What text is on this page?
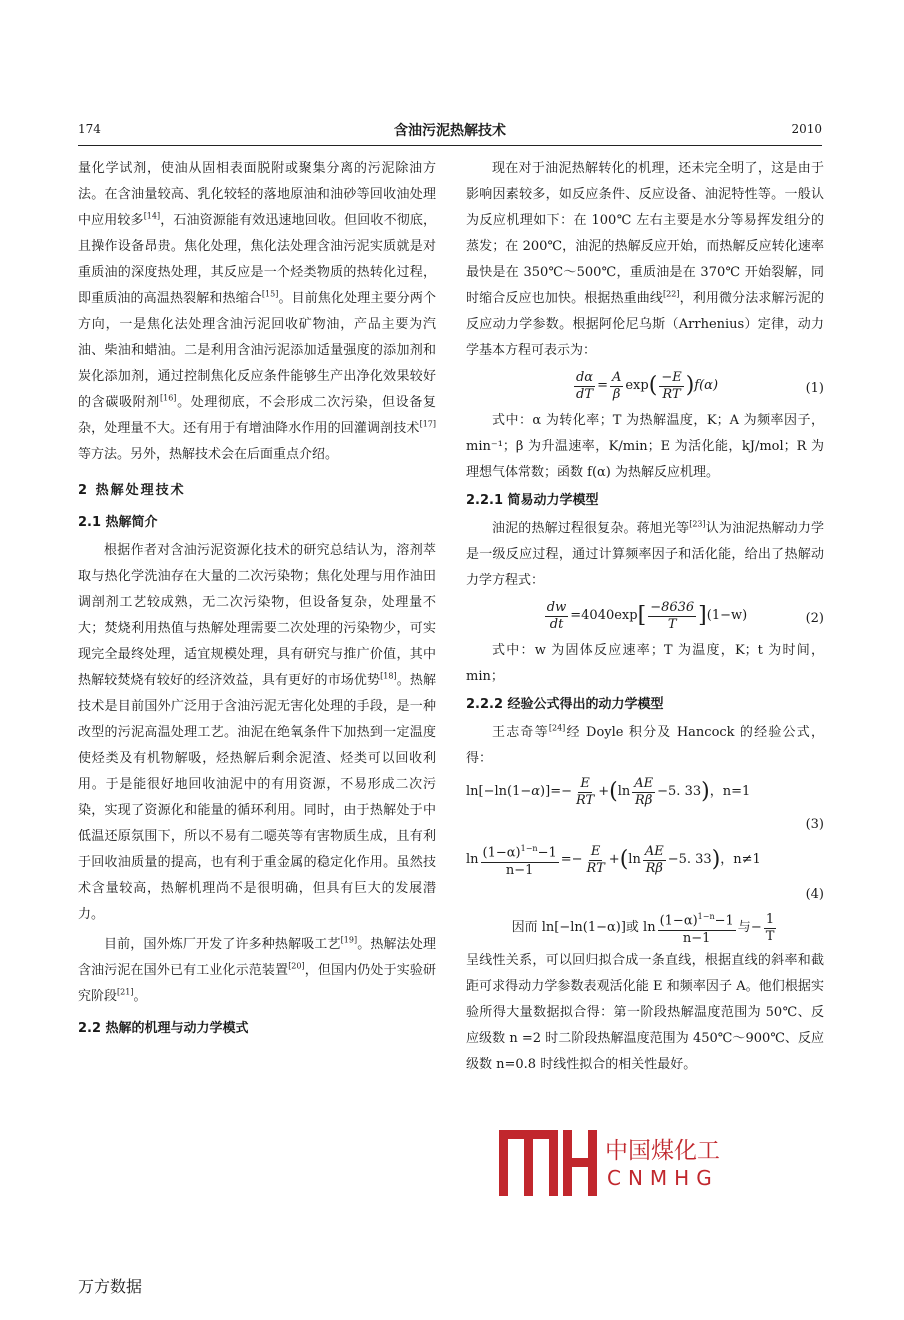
174	含油污泥热解技术	2010

量化学试剂，使油从固相表面脱附或聚集分离的污泥除油方法。在含油量较高、乳化较轻的落地原油和油砂等回收油处理中应用较多[14]，石油资源能有效迅速地回收。但回收不彻底，且操作设备昂贵。焦化处理，焦化法处理含油污泥实质就是对重质油的深度热处理，其反应是一个烃类物质的热转化过程，即重质油的高温热裂解和热缩合[15]。目前焦化处理主要分两个方向，一是焦化法处理含油污泥回收矿物油，产品主要为汽油、柴油和蜡油。二是利用含油污泥添加适量强度的添加剂和炭化添加剂，通过控制焦化反应条件能够生产出净化效果较好的含碳吸附剂[16]。处理彻底，不会形成二次污染，但设备复杂，处理量不大。还有用于有增油降水作用的回灌调剖技术[17]等方法。另外，热解技术会在后面重点介绍。

2 热解处理技术
2.1 热解简介

根据作者对含油污泥资源化技术的研究总结认为，溶剂萃取与热化学洗油存在大量的二次污染物；焦化处理与用作油田调剖剂工艺较成熟，无二次污染物，但设备复杂，处理量不大；焚烧利用热值与热解处理需要二次处理的污染物少，可实现完全最终处理，适宜规模处理，具有研究与推广价值，其中热解较焚烧有较好的经济效益，具有更好的市场优势[18]。热解技术是目前国外广泛用于含油污泥无害化处理的手段，是一种改型的污泥高温处理工艺。油泥在绝氧条件下加热到一定温度使烃类及有机物解吸，烃热解后剩余泥渣、烃类可以回收利用。于是能很好地回收油泥中的有用资源，不易形成二次污染，实现了资源化和能量的循环利用。同时，由于热解处于中低温还原氛围下，所以不易有二噁英等有害物质生成，且有利于回收油质量的提高，也有利于重金属的稳定化作用。虽然技术含量较高，热解机理尚不是很明确，但具有巨大的发展潜力。

目前，国外炼厂开发了许多种热解吸工艺[19]。热解法处理含油污泥在国外已有工业化示范装置[20]，但国内仍处于实验研究阶段[21]。

2.2 热解的机理与动力学模式

现在对于油泥热解转化的机理，还未完全明了，这是由于影响因素较多，如反应条件、反应设备、油泥特性等。一般认为反应机理如下：在 100℃ 左右主要是水分等易挥发组分的蒸发；在 200℃，油泥的热解反应开始，而热解反应转化速率最快是在 350℃～500℃，重质油是在 370℃ 开始裂解，同时缩合反应也加快。根据热重曲线[22]，利用微分法求解污泥的反应动力学参数。根据阿伦尼乌斯（Arrhenius）定律，动力学基本方程可表示为：

$\frac{d\alpha}{dT} = \frac{A}{\beta}$ exp ( $\frac{-E}{RT}$ ) f(α)	(1)

式中：α 为转化率；T 为热解温度，K；A 为频率因子，min⁻¹；β 为升温速率，K/min；E 为活化能，kJ/mol；R 为理想气体常数；函数 f(α) 为热解反应机理。

2.2.1 简易动力学模型

油泥的热解过程很复杂。蒋旭光等[23]认为油泥热解动力学是一级反应过程，通过计算频率因子和活化能，给出了热解动力学方程式：

$\frac{dw}{dt} = 4040\exp$ [ $\frac{-8636}{T}$ ] (1−w)	(2)

式中：w 为固体反应速率；T 为温度，K；t 为时间，min；

2.2.2 经验公式得出的动力学模型

王志奇等[24]经 Doyle 积分及 Hancock 的经验公式，得：

ln[−ln(1− α )]=− $\frac{E}{RT}$ + ( $\ln \frac{AE}{R\beta} -5$. 33 ) ，n=1
(3)
$\ln \frac{(1-\alpha)^{1-n}-1}{n-1} =- \frac{E}{RT}$ + ( $\ln \frac{AE}{R\beta} -5$. 33 ) ，n≠1
(4)
因而 ln[−ln(1−α)]或 $\ln \frac{(1-\alpha)^{1-n}-1}{n-1}$ 与 − $\frac{1}{T}$

呈线性关系，可以回归拟合成一条直线，根据直线的斜率和截距可求得动力学参数表观活化能 E 和频率因子 A。他们根据实验所得大量数据拟合得：第一阶段热解温度范围为 50℃、反应级数 n =2 时二阶段热解温度范围为 450℃～900℃、反应级数 n=0.8 时线性拟合的相关性最好。

中国煤化工
CNMHG
万方数据
